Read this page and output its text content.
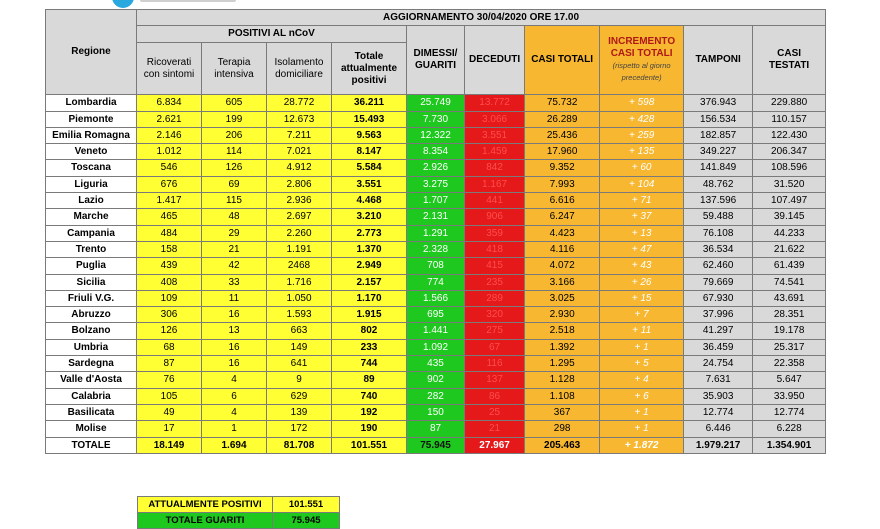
Regione	AGGIORNAMENTO 30/04/2020 ORE 17.00									
	POSITIVI AL nCoV				DIMESSI/ GUARITI	DECEDUTI	CASI TOTALI	INCREMENTO CASI TOTALI
(rispetto al giorno precedente)	TAMPONI	CASI TESTATI
	Ricoverati con sintomi	Terapia intensiva	Isolamento domiciliare	Totale attualmente positivi						
Lombardia	6.834	605	28.772	36.211	25.749	13.772	75.732	+ 598	376.943	229.880
Piemonte	2.621	199	12.673	15.493	7.730	3.066	26.289	+ 428	156.534	110.157
Emilia Romagna	2.146	206	7.211	9.563	12.322	3.551	25.436	+ 259	182.857	122.430
Veneto	1.012	114	7.021	8.147	8.354	1.459	17.960	+ 135	349.227	206.347
Toscana	546	126	4.912	5.584	2.926	842	9.352	+ 60	141.849	108.596
Liguria	676	69	2.806	3.551	3.275	1.167	7.993	+ 104	48.762	31.520
Lazio	1.417	115	2.936	4.468	1.707	441	6.616	+ 71	137.596	107.497
Marche	465	48	2.697	3.210	2.131	906	6.247	+ 37	59.488	39.145
Campania	484	29	2.260	2.773	1.291	359	4.423	+ 13	76.108	44.233
Trento	158	21	1.191	1.370	2.328	418	4.116	+ 47	36.534	21.622
Puglia	439	42	2468	2.949	708	415	4.072	+ 43	62.460	61.439
Sicilia	408	33	1.716	2.157	774	235	3.166	+ 26	79.669	74.541
Friuli V.G.	109	11	1.050	1.170	1.566	289	3.025	+ 15	67.930	43.691
Abruzzo	306	16	1.593	1.915	695	320	2.930	+ 7	37.996	28.351
Bolzano	126	13	663	802	1.441	275	2.518	+ 11	41.297	19.178
Umbria	68	16	149	233	1.092	67	1.392	+ 1	36.459	25.317
Sardegna	87	16	641	744	435	116	1.295	+ 5	24.754	22.358
Valle d'Aosta	76	4	9	89	902	137	1.128	+ 4	7.631	5.647
Calabria	105	6	629	740	282	86	1.108	+ 6	35.903	33.950
Basilicata	49	4	139	192	150	25	367	+ 1	12.774	12.774
Molise	17	1	172	190	87	21	298	+ 1	6.446	6.228
TOTALE	18.149	1.694	81.708	101.551	75.945	27.967	205.463	+ 1.872	1.979.217	1.354.901
ATTUALMENTE POSITIVI	101.551
TOTALE GUARITI	75.945
